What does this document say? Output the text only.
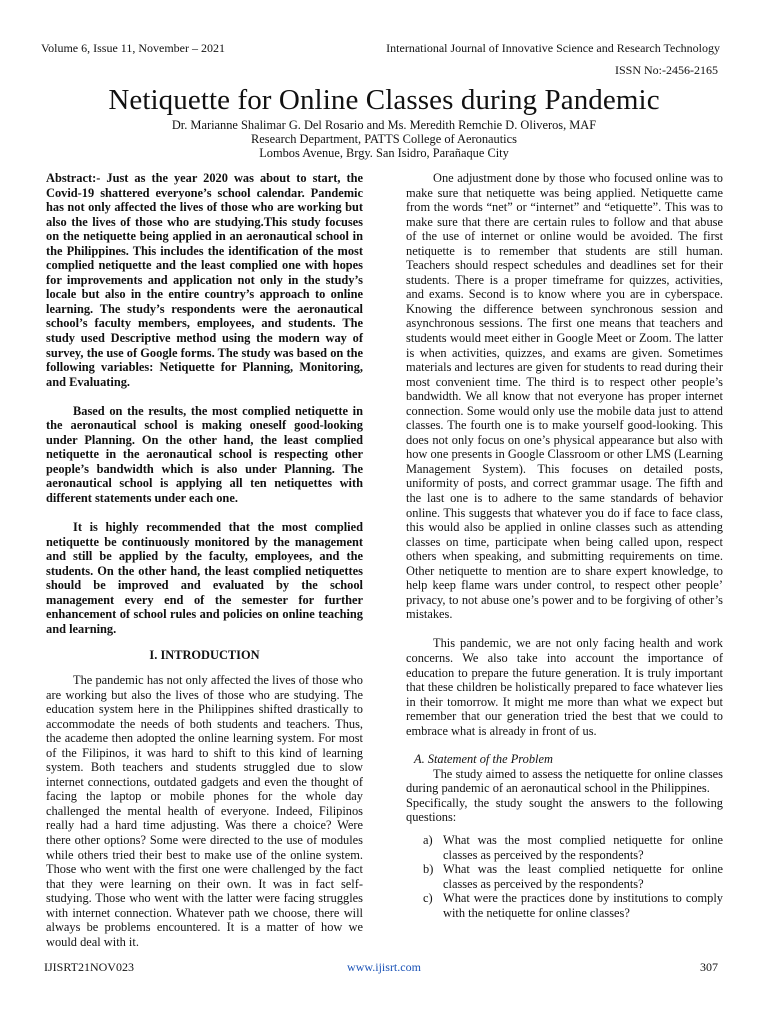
Volume 6, Issue 11, November – 2021	International Journal of Innovative Science and Research Technology
ISSN No:-2456-2165
Netiquette for Online Classes during Pandemic
Dr. Marianne Shalimar G. Del Rosario and Ms. Meredith Remchie D. Oliveros, MAF
Research Department, PATTS College of Aeronautics
Lombos Avenue, Brgy. San Isidro, Parañaque City

Abstract:- Just as the year 2020 was about to start, the Covid-19 shattered everyone’s school calendar. Pandemic has not only affected the lives of those who are working but also the lives of those who are studying.This study focuses on the netiquette being applied in an aeronautical school in the Philippines. This includes the identification of the most complied netiquette and the least complied one with hopes for improvements and application not only in the study’s locale but also in the entire country’s approach to online learning. The study’s respondents were the aeronautical school’s faculty members, employees, and students. The study used Descriptive method using the modern way of survey, the use of Google forms. The study was based on the following variables: Netiquette for Planning, Monitoring, and Evaluating.

Based on the results, the most complied netiquette in the aeronautical school is making oneself good-looking under Planning. On the other hand, the least complied netiquette in the aeronautical school is respecting other people’s bandwidth which is also under Planning. The aeronautical school is applying all ten netiquettes with different statements under each one.

It is highly recommended that the most complied netiquette be continuously monitored by the management and still be applied by the faculty, employees, and the students. On the other hand, the least complied netiquettes should be improved and evaluated by the school management every end of the semester for further enhancement of school rules and policies on online teaching and learning.

I. INTRODUCTION

The pandemic has not only affected the lives of those who are working but also the lives of those who are studying. The education system here in the Philippines shifted drastically to accommodate the needs of both students and teachers. Thus, the academe then adopted the online learning system. For most of the Filipinos, it was hard to shift to this kind of learning system. Both teachers and students struggled due to slow internet connections, outdated gadgets and even the thought of facing the laptop or mobile phones for the whole day challenged the mental health of everyone. Indeed, Filipinos really had a hard time adjusting. Was there a choice? Were there other options? Some were directed to the use of modules while others tried their best to make use of the online system. Those who went with the first one were challenged by the fact that they were learning on their own. It was in fact self-studying. Those who went with the latter were facing struggles with internet connection. Whatever path we choose, there will always be problems encountered. It is a matter of how we would deal with it.

One adjustment done by those who focused online was to make sure that netiquette was being applied. Netiquette came from the words “net” or “internet” and “etiquette”. This was to make sure that there are certain rules to follow and that abuse of the use of internet or online would be avoided. The first netiquette is to remember that students are still human. Teachers should respect schedules and deadlines set for their students. There is a proper timeframe for quizzes, activities, and exams. Second is to know where you are in cyberspace. Knowing the difference between synchronous session and asynchronous sessions. The first one means that teachers and students would meet either in Google Meet or Zoom. The latter is when activities, quizzes, and exams are given. Sometimes materials and lectures are given for students to read during their most convenient time. The third is to respect other people’s bandwidth. We all know that not everyone has proper internet connection. Some would only use the mobile data just to attend classes. The fourth one is to make yourself good-looking. This does not only focus on one’s physical appearance but also with how one presents in Google Classroom or other LMS (Learning Management System). This focuses on detailed posts, uniformity of posts, and correct grammar usage. The fifth and the last one is to adhere to the same standards of behavior online. This suggests that whatever you do if face to face class, this would also be applied in online classes such as attending classes on time, participate when being called upon, respect others when speaking, and submitting requirements on time. Other netiquette to mention are to share expert knowledge, to help keep flame wars under control, to respect other people’ privacy, to not abuse one’s power and to be forgiving of other’s mistakes.

This pandemic, we are not only facing health and work concerns. We also take into account the importance of education to prepare the future generation. It is truly important that these children be holistically prepared to face whatever lies in their tomorrow. It might me more than what we expect but remember that our generation tried the best that we could to embrace what is already in front of us.

A. Statement of the Problem

The study aimed to assess the netiquette for online classes during pandemic of an aeronautical school in the Philippines.

Specifically, the study sought the answers to the following questions:

a) What was the most complied netiquette for online classes as perceived by the respondents?
b) What was the least complied netiquette for online classes as perceived by the respondents?
c) What were the practices done by institutions to comply with the netiquette for online classes?
IJISRT21NOV023	www.ijisrt.com	307
